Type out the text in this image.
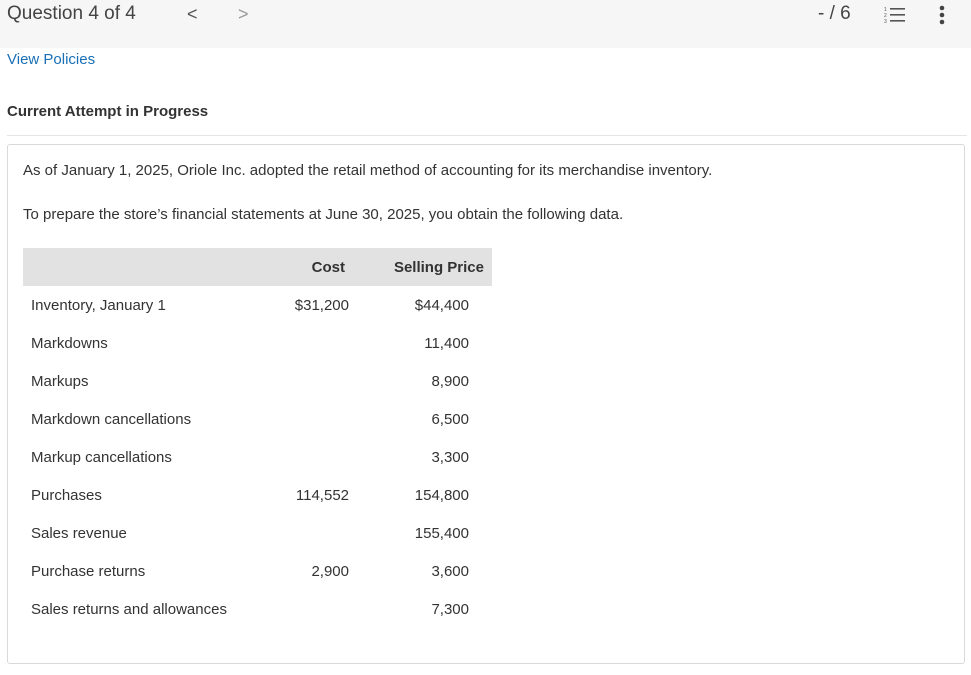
Question 4 of 4	< >	- / 6	1
2
3
View Policies
Current Attempt in Progress
As of January 1, 2025, Oriole Inc. adopted the retail method of accounting for its merchandise inventory.
To prepare the store’s financial statements at June 30, 2025, you obtain the following data.
	Cost	Selling Price
Inventory, January 1	$31,200	$44,400
Markdowns		11,400
Markups		8,900
Markdown cancellations		6,500
Markup cancellations		3,300
Purchases	114,552	154,800
Sales revenue		155,400
Purchase returns	2,900	3,600
Sales returns and allowances		7,300
